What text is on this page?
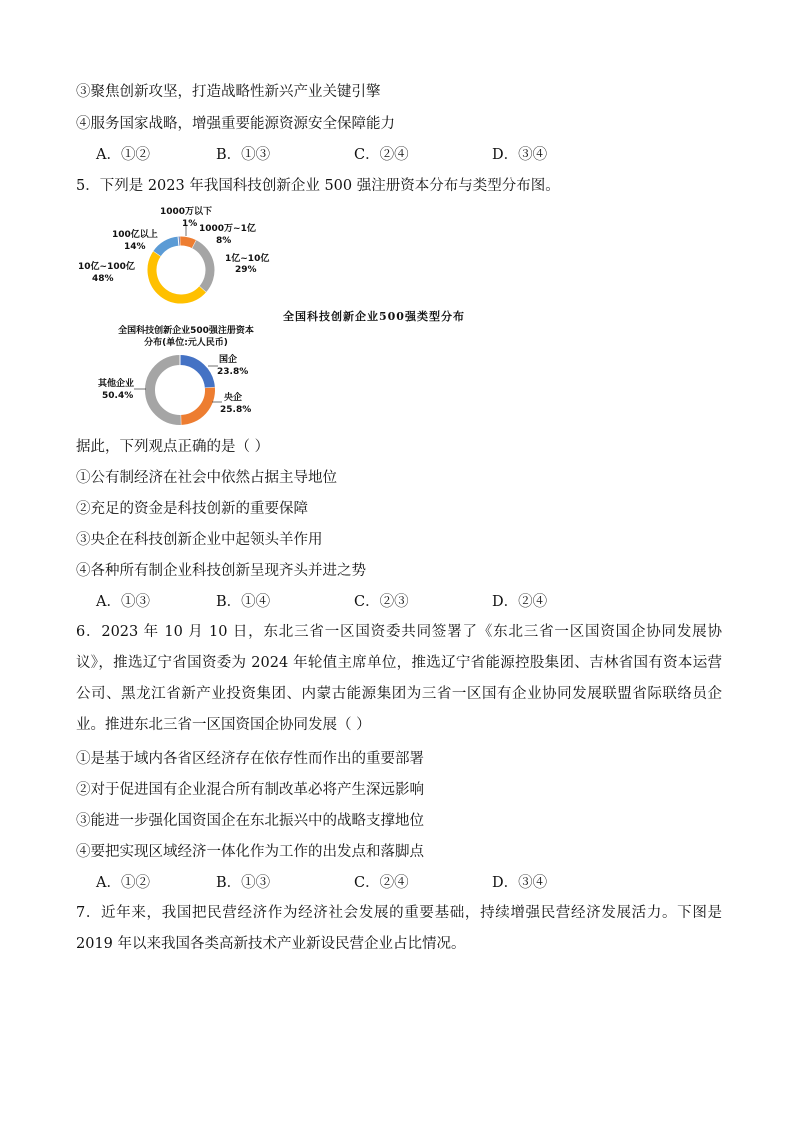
③聚焦创新攻坚，打造战略性新兴产业关键引擎
④服务国家战略，增强重要能源资源安全保障能力
A．①②	B．①③	C．②④	D．③④
5．下列是 2023 年我国科技创新企业 500 强注册资本分布与类型分布图。
1000万以下
1% 1000万~1亿
8%
1亿~10亿
29%
100亿以上
14%
10亿~100亿
48%
全国科技创新企业500强类型分布
全国科技创新企业500强注册资本分布(单位:元人民币)
国企
23.8%
央企
25.8%
其他企业
50.4%
据此，下列观点正确的是（ ）
①公有制经济在社会中依然占据主导地位
②充足的资金是科技创新的重要保障
③央企在科技创新企业中起领头羊作用
④各种所有制企业科技创新呈现齐头并进之势
A．①③	B．①④	C．②③	D．②④
6．2023 年 10 月 10 日，东北三省一区国资委共同签署了《东北三省一区国资国企协同发展协议》，推选辽宁省国资委为 2024 年轮值主席单位，推选辽宁省能源控股集团、吉林省国有资本运营公司、黑龙江省新产业投资集团、内蒙古能源集团为三省一区国有企业协同发展联盟省际联络员企业。推进东北三省一区国资国企协同发展（ ）
①是基于域内各省区经济存在依存性而作出的重要部署
②对于促进国有企业混合所有制改革必将产生深远影响
③能进一步强化国资国企在东北振兴中的战略支撑地位
④要把实现区域经济一体化作为工作的出发点和落脚点
A．①②	B．①③	C．②④	D．③④
7．近年来，我国把民营经济作为经济社会发展的重要基础，持续增强民营经济发展活力。下图是 2019 年以来我国各类高新技术产业新设民营企业占比情况。
